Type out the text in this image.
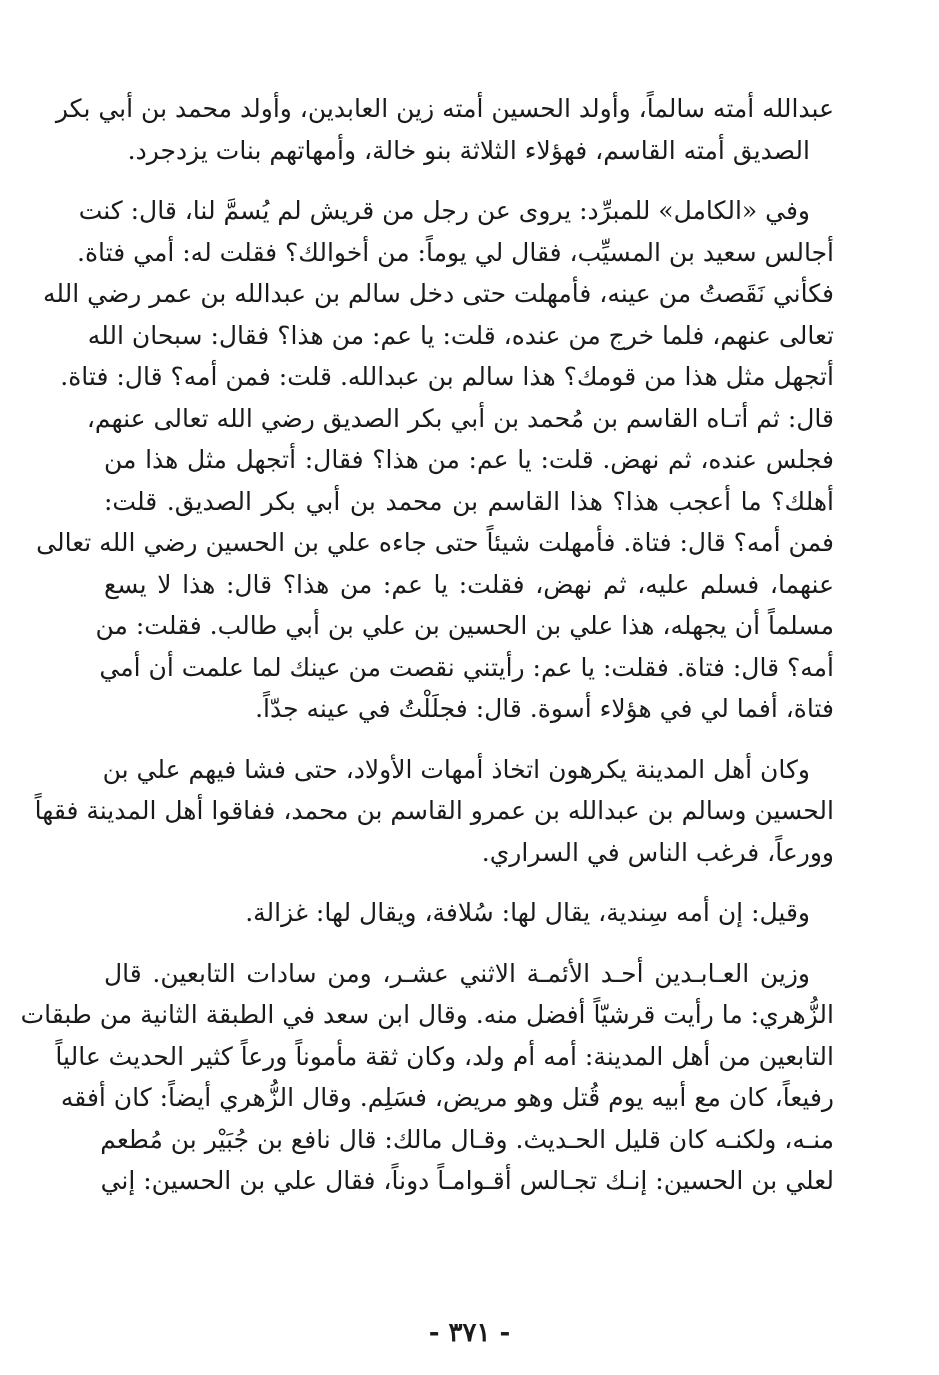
عبدالله أمته سالماً، وأولد الحسين أمته زين العابدين، وأولد محمد بن أبي بكر
الصديق أمته القاسم، فهؤلاء الثلاثة بنو خالة، وأمهاتهم بنات يزدجرد.
وفي «الكامل» للمبرِّد: يروى عن رجل من قريش لم يُسمَّ لنا، قال: كنت
أجالس سعيد بن المسيِّب، فقال لي يوماً: من أخوالك؟ فقلت له: أمي فتاة.
فكأني نَقَصتُ من عينه، فأمهلت حتى دخل سالم بن عبدالله بن عمر رضي الله
تعالى عنهم، فلما خرج من عنده، قلت: يا عم: من هذا؟ فقال: سبحان الله
أتجهل مثل هذا من قومك؟ هذا سالم بن عبدالله. قلت: فمن أمه؟ قال: فتاة.
قال: ثم أتـاه القاسم بن مُحمد بن أبي بكر الصديق رضي الله تعالى عنهم،
فجلس عنده، ثم نهض. قلت: يا عم: من هذا؟ فقال: أتجهل مثل هذا من
أهلك؟ ما أعجب هذا؟ هذا القاسم بن محمد بن أبي بكر الصديق. قلت:
فمن أمه؟ قال: فتاة. فأمهلت شيئاً حتى جاءه علي بن الحسين رضي الله تعالى
عنهما، فسلم عليه، ثم نهض، فقلت: يا عم: من هذا؟ قال: هذا لا يسع
مسلماً أن يجهله، هذا علي بن الحسين بن علي بن أبي طالب. فقلت: من
أمه؟ قال: فتاة. فقلت: يا عم: رأيتني نقصت من عينك لما علمت أن أمي
فتاة، أفما لي في هؤلاء أسوة. قال: فجلَلْتُ في عينه جدّاً.
وكان أهل المدينة يكرهون اتخاذ أمهات الأولاد، حتى فشا فيهم علي بن
الحسين وسالم بن عبدالله بن عمرو القاسم بن محمد، ففاقوا أهل المدينة فقهاً
وورعاً، فرغب الناس في السراري.
وقيل: إن أمه سِندية، يقال لها: سُلافة، ويقال لها: غزالة.
وزين العـابـدين أحـد الأئمـة الاثني عشـر، ومن سادات التابعين. قال
الزُّهري: ما رأيت قرشيّاً أفضل منه. وقال ابن سعد في الطبقة الثانية من طبقات
التابعين من أهل المدينة: أمه أم ولد، وكان ثقة مأموناً ورعاً كثير الحديث عالياً
رفيعاً، كان مع أبيه يوم قُتل وهو مريض، فسَلِم. وقال الزُّهري أيضاً: كان أفقه
منـه، ولكنـه كان قليل الحـديث. وقـال مالك: قال نافع بن جُبَيْر بن مُطعم
لعلي بن الحسين: إنـك تجـالس أقـوامـاً دوناً، فقال علي بن الحسين: إني
- ٣٧١ -
